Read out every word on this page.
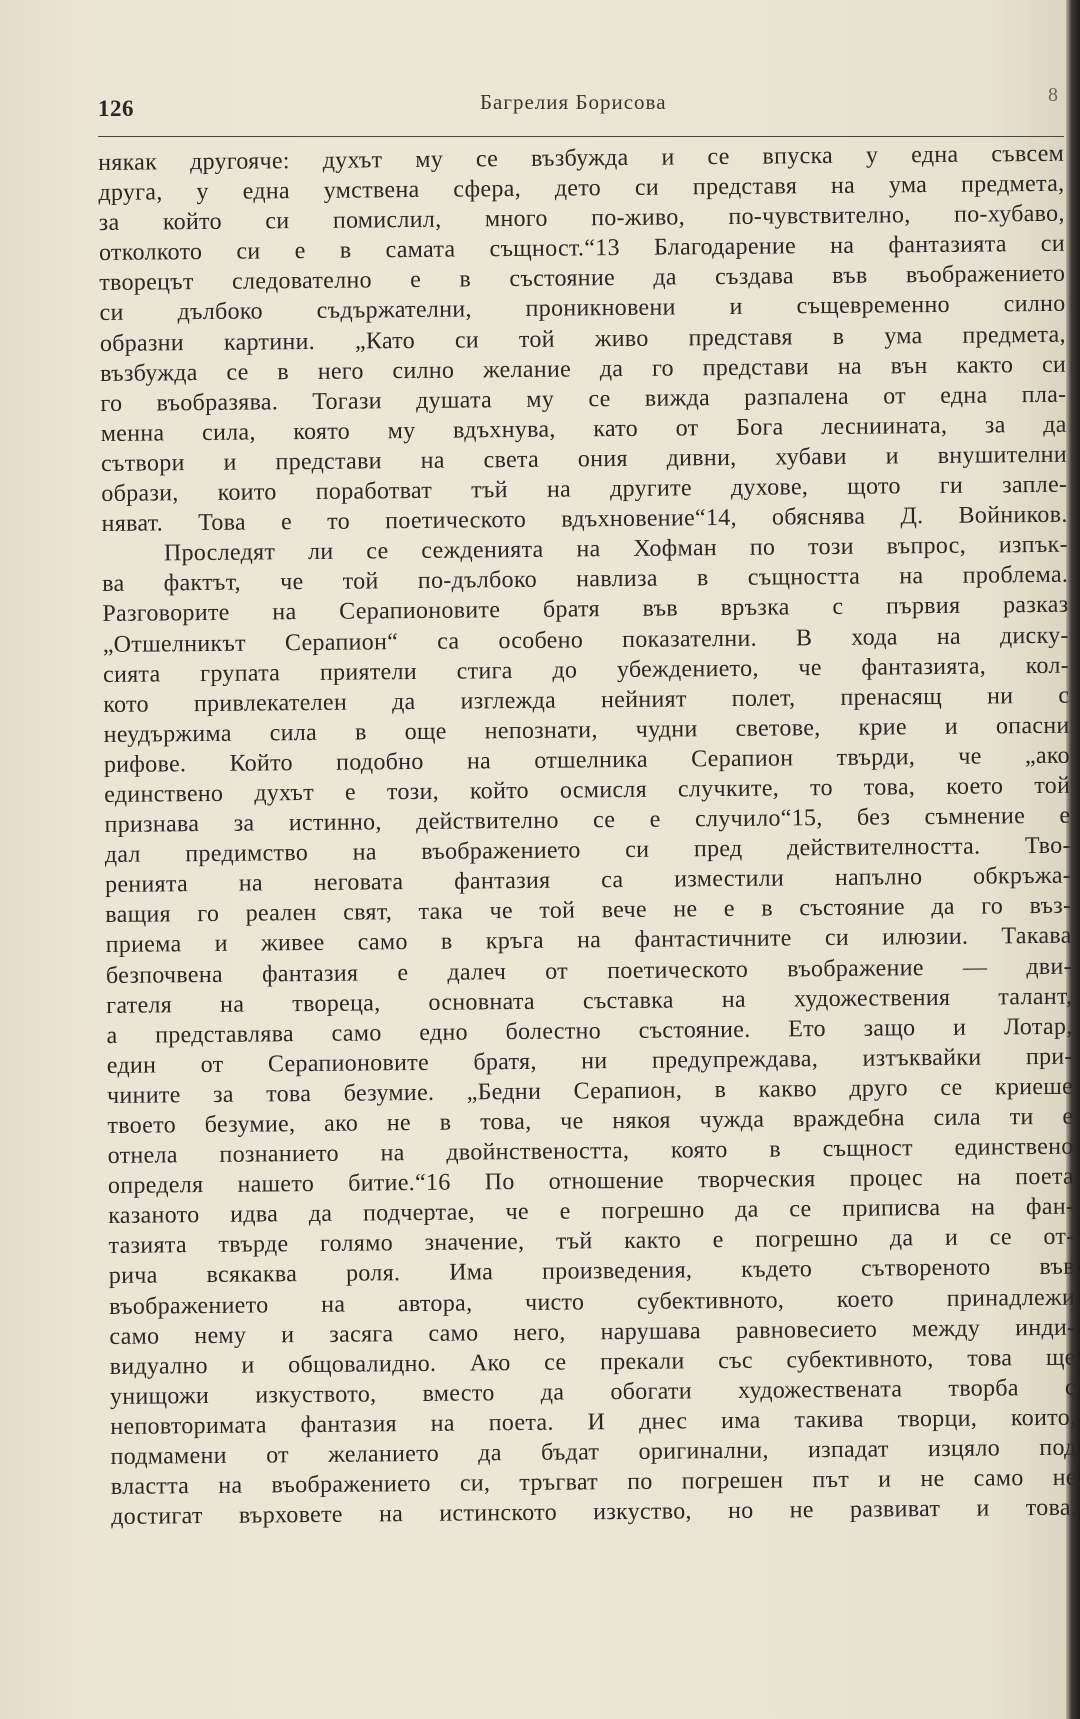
126	Багрелия Борисова	8
някак другояче: духът му се възбужда и се впуска у една съвсем
друга, у една умствена сфера, дето си представя на ума предмета,
за който си помислил, много по-живо, по-чувствително, по-хубаво,
отколкото си е в самата същност.“13 Благодарение на фантазията си
творецът следователно е в състояние да създава във въображението
си дълбоко съдържателни, проникновени и същевременно силно
образни картини. „Като си той живо представя в ума предмета,
възбужда се в него силно желание да го представи на вън както си
го въобразява. Тогази душата му се вижда разпалена от една пла-
менна сила, която му вдъхнува, като от Бога лесниината, за да
сътвори и представи на света ония дивни, хубави и внушителни
образи, които поработват тъй на другите духове, щото ги запле-
няват. Това е то поетическото вдъхновение“14, обяснява Д. Войников.
Проследят ли се сежденията на Хофман по този въпрос, изпък-
ва фактът, че той по-дълбоко навлиза в същността на проблема.
Разговорите на Серапионовите братя във връзка с първия разказ
„Отшелникът Серапион“ са особено показателни. В хода на диску-
сията групата приятели стига до убеждението, че фантазията, кол-
кото привлекателен да изглежда нейният полет, пренасящ ни с
неудържима сила в още непознати, чудни светове, крие и опасни
рифове. Който подобно на отшелника Серапион твърди, че „ако
единствено духът е този, който осмисля случките, то това, което той
признава за истинно, действително се е случило“15, без съмнение е
дал предимство на въображението си пред действителността. Тво-
ренията на неговата фантазия са изместили напълно обкръжа-
ващия го реален свят, така че той вече не е в състояние да го въз-
приема и живее само в кръга на фантастичните си илюзии. Такава
безпочвена фантазия е далеч от поетическото въображение — дви-
гателя на твореца, основната съставка на художествения талант,
а представлява само едно болестно състояние. Ето защо и Лотар,
един от Серапионовите братя, ни предупреждава, изтъквайки при-
чините за това безумие. „Бедни Серапион, в какво друго се криеше
твоето безумие, ако не в това, че някоя чужда враждебна сила ти е
отнела познанието на двойнствеността, която в същност единствено
определя нашето битие.“16 По отношение творческия процес на поета
казаното идва да подчертае, че е погрешно да се приписва на фан-
тазията твърде голямо значение, тъй както е погрешно да и се от-
рича всякаква роля. Има произведения, където сътвореното във
въображението на автора, чисто субективното, което принадлежи
само нему и засяга само него, нарушава равновесието между инди-
видуално и общовалидно. Ако се прекали със субективното, това ще
унищожи изкуството, вместо да обогати художествената творба с
неповторимата фантазия на поета. И днес има такива творци, които,
подмамени от желанието да бъдат оригинални, изпадат изцяло под
властта на въображението си, тръгват по погрешен път и не само не
достигат върховете на истинското изкуство, но не развиват и това,
